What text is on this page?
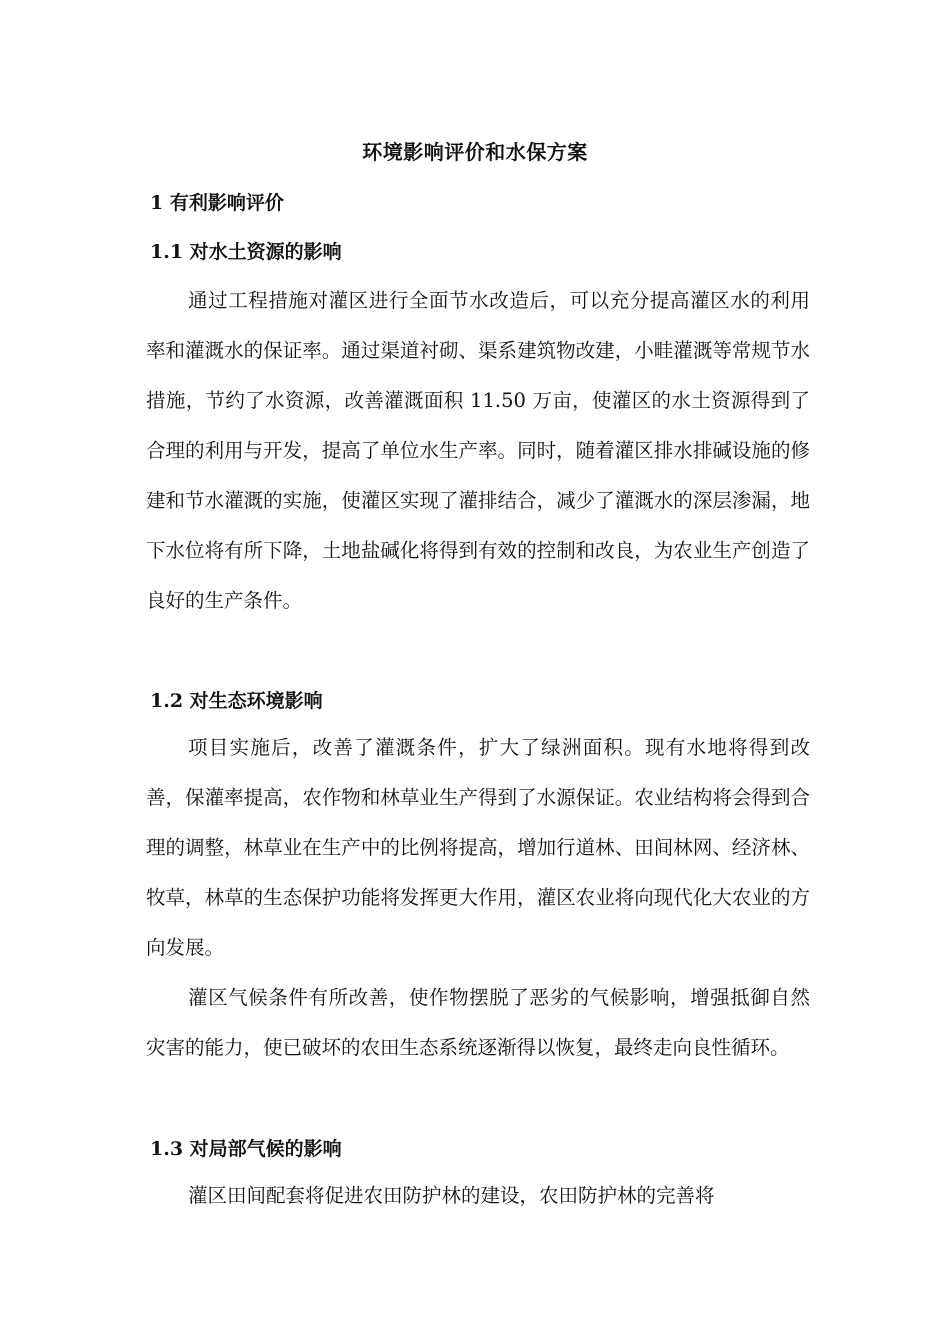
环境影响评价和水保方案
1 有利影响评价
1.1 对水土资源的影响

通过工程措施对灌区进行全面节水改造后，可以充分提高灌区水的利用率和灌溉水的保证率。通过渠道衬砌、渠系建筑物改建，小畦灌溉等常规节水措施，节约了水资源，改善灌溉面积 11.50 万亩，使灌区的水土资源得到了合理的利用与开发，提高了单位水生产率。同时，随着灌区排水排碱设施的修建和节水灌溉的实施，使灌区实现了灌排结合，减少了灌溉水的深层渗漏，地下水位将有所下降，土地盐碱化将得到有效的控制和改良，为农业生产创造了良好的生产条件。

1.2 对生态环境影响

项目实施后，改善了灌溉条件，扩大了绿洲面积。现有水地将得到改善，保灌率提高，农作物和林草业生产得到了水源保证。农业结构将会得到合理的调整，林草业在生产中的比例将提高，增加行道林、田间林网、经济林、牧草，林草的生态保护功能将发挥更大作用，灌区农业将向现代化大农业的方向发展。

灌区气候条件有所改善，使作物摆脱了恶劣的气候影响，增强抵御自然灾害的能力，使已破坏的农田生态系统逐渐得以恢复，最终走向良性循环。

1.3 对局部气候的影响

灌区田间配套将促进农田防护林的建设，农田防护林的完善将
